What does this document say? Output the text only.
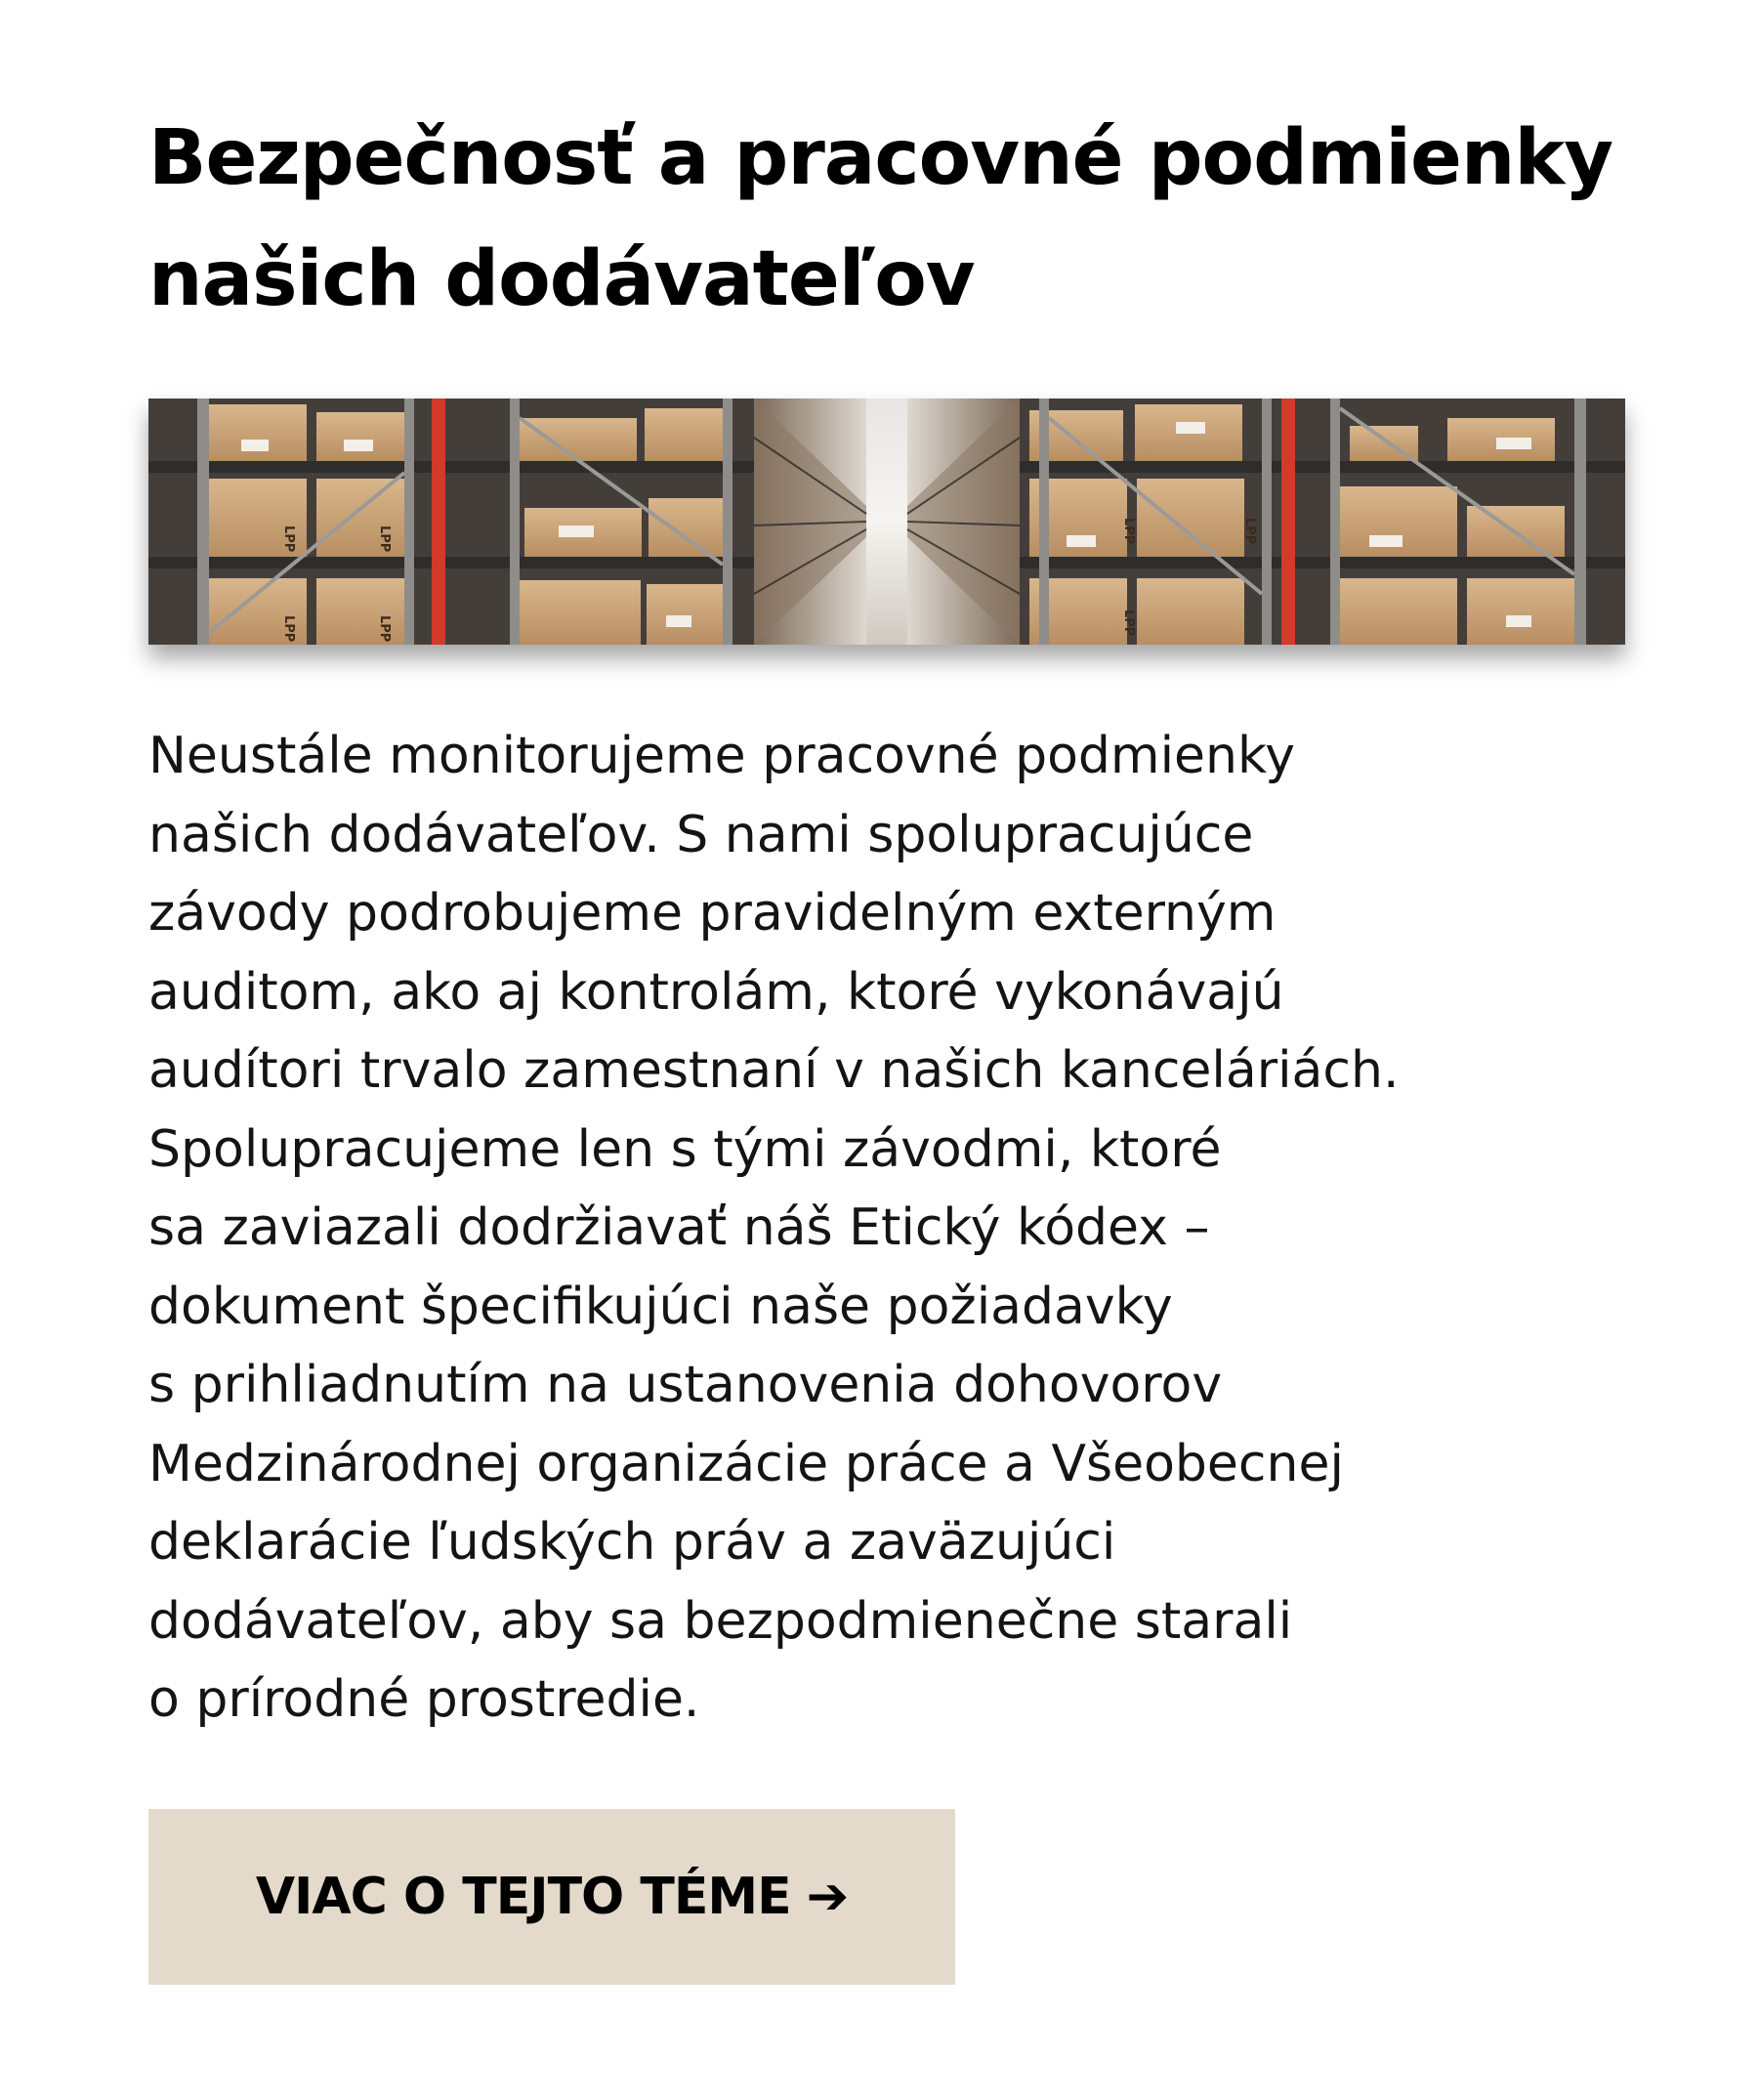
Bezpečnosť a pracovné podmienky našich dodávateľov
LPP	LPP
LPP	LPP
LPP	LPP
LPP

Neustále monitorujeme pracovné podmienky
našich dodávateľov. S nami spolupracujúce
závody podrobujeme pravidelným externým
auditom, ako aj kontrolám, ktoré vykonávajú
audítori trvalo zamestnaní v našich kanceláriách.
Spolupracujeme len s tými závodmi, ktoré
sa zaviazali dodržiavať náš Etický kódex –
dokument špecifikujúci naše požiadavky
s prihliadnutím na ustanovenia dohovorov
Medzinárodnej organizácie práce a Všeobecnej
deklarácie ľudských práv a zaväzujúci
dodávateľov, aby sa bezpodmienečne starali
o prírodné prostredie.

VIAC O TEJTO TÉME ➔
